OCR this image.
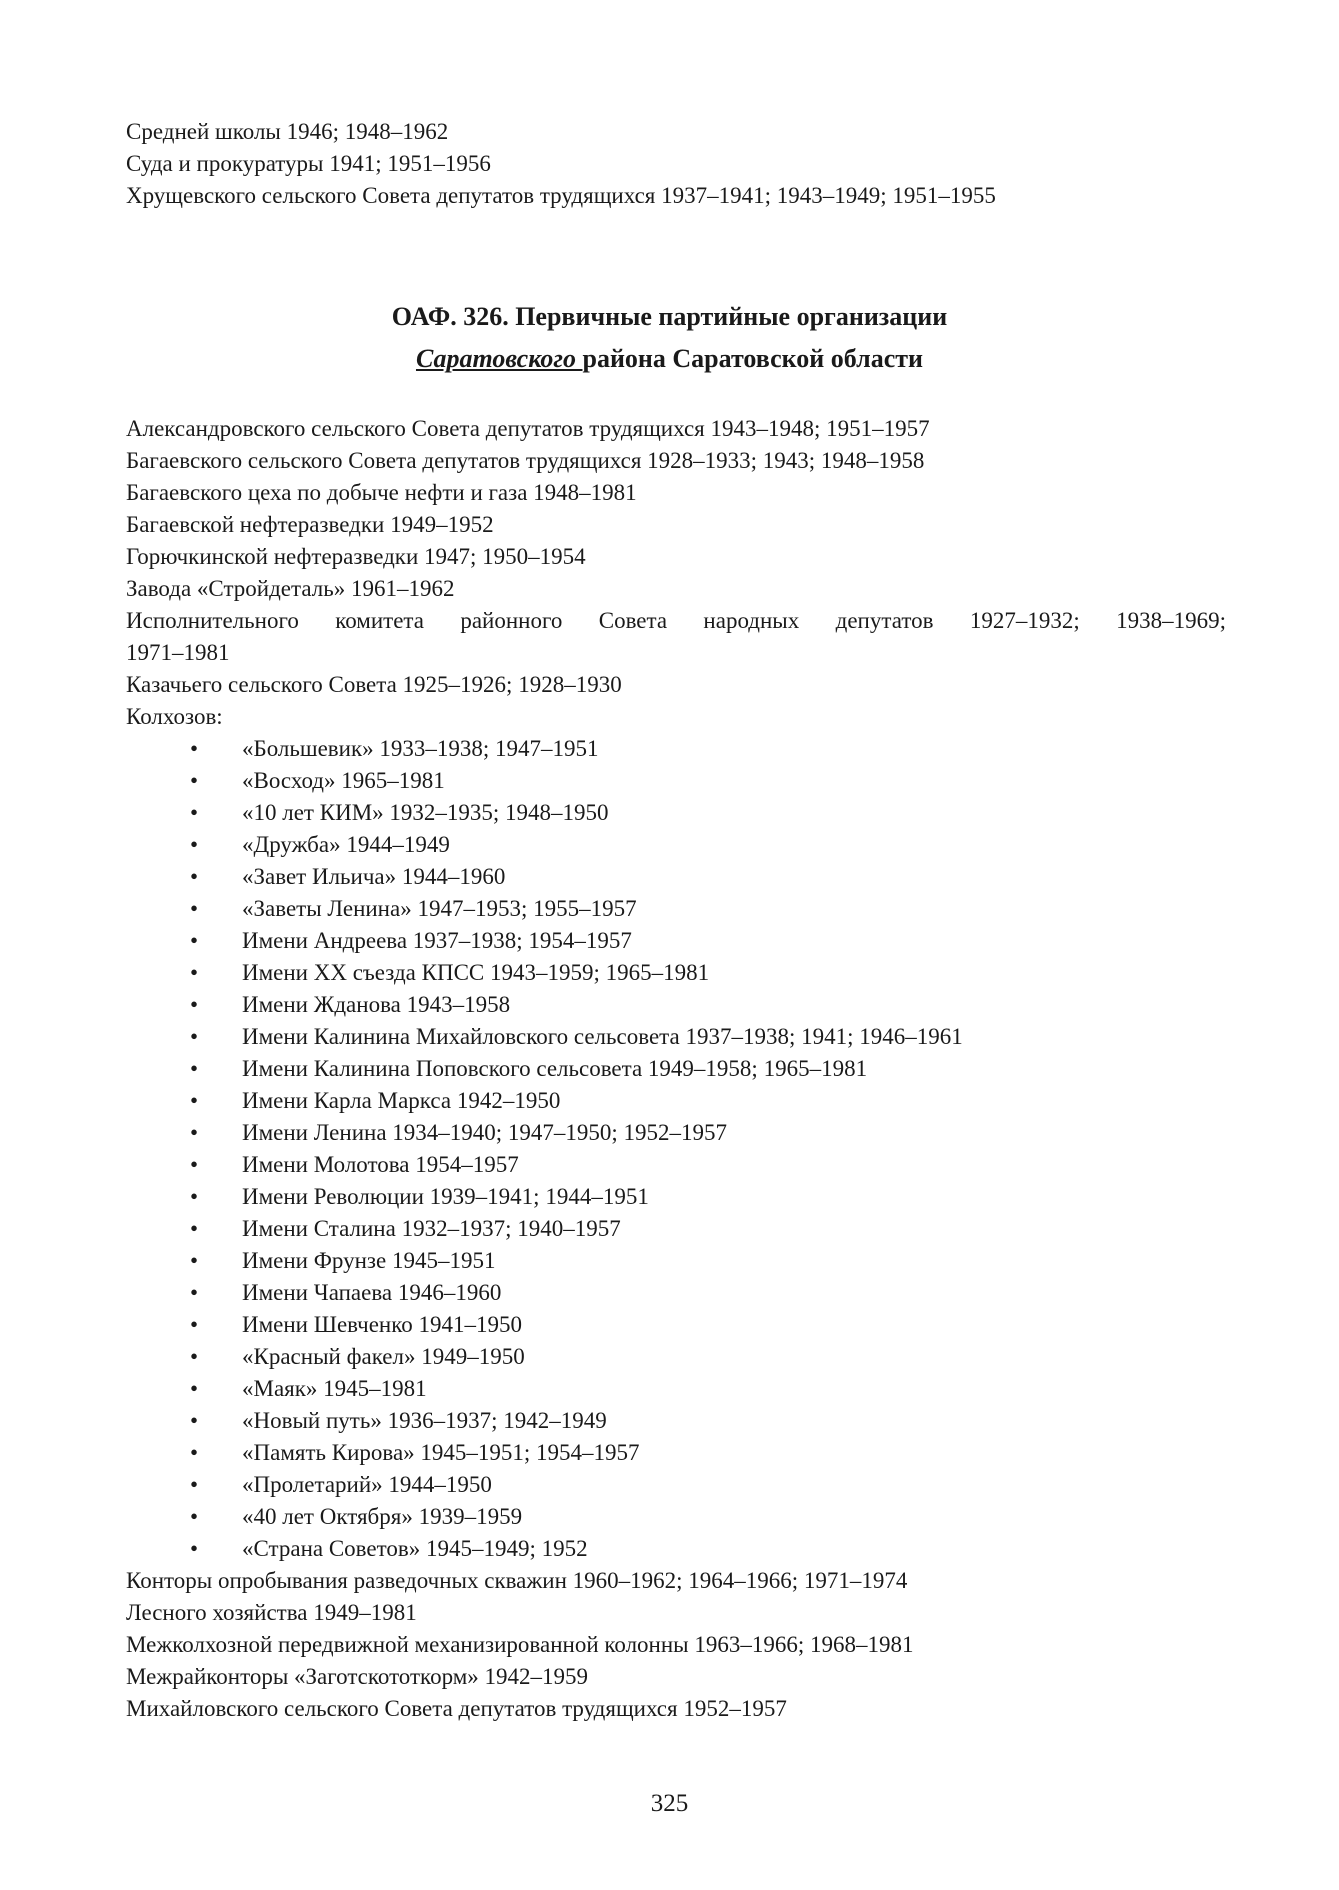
Средней школы 1946; 1948–1962
Суда и прокуратуры 1941; 1951–1956
Хрущевского сельского Совета депутатов трудящихся 1937–1941; 1943–1949; 1951–1955
ОАФ. 326. Первичные партийные организации
Саратовского района Саратовской области
Александровского сельского Совета депутатов трудящихся 1943–1948; 1951–1957
Багаевского сельского Совета депутатов трудящихся 1928–1933; 1943; 1948–1958
Багаевского цеха по добыче нефти и газа 1948–1981
Багаевской нефтеразведки 1949–1952
Горючкинской нефтеразведки 1947; 1950–1954
Завода «Стройдеталь» 1961–1962
Исполнительного комитета районного Совета народных депутатов 1927–1932; 1938–1969;
1971–1981
Казачьего сельского Совета 1925–1926; 1928–1930
Колхозов:
• «Большевик» 1933–1938; 1947–1951
• «Восход» 1965–1981
• «10 лет КИМ» 1932–1935; 1948–1950
• «Дружба» 1944–1949
• «Завет Ильича» 1944–1960
• «Заветы Ленина» 1947–1953; 1955–1957
• Имени Андреева 1937–1938; 1954–1957
• Имени XX съезда КПСС 1943–1959; 1965–1981
• Имени Жданова 1943–1958
• Имени Калинина Михайловского сельсовета 1937–1938; 1941; 1946–1961
• Имени Калинина Поповского сельсовета 1949–1958; 1965–1981
• Имени Карла Маркса 1942–1950
• Имени Ленина 1934–1940; 1947–1950; 1952–1957
• Имени Молотова 1954–1957
• Имени Революции 1939–1941; 1944–1951
• Имени Сталина 1932–1937; 1940–1957
• Имени Фрунзе 1945–1951
• Имени Чапаева 1946–1960
• Имени Шевченко 1941–1950
• «Красный факел» 1949–1950
• «Маяк» 1945–1981
• «Новый путь» 1936–1937; 1942–1949
• «Память Кирова» 1945–1951; 1954–1957
• «Пролетарий» 1944–1950
• «40 лет Октября» 1939–1959
• «Страна Советов» 1945–1949; 1952
Конторы опробывания разведочных скважин 1960–1962; 1964–1966; 1971–1974
Лесного хозяйства 1949–1981
Межколхозной передвижной механизированной колонны 1963–1966; 1968–1981
Межрайконторы «Заготскототкорм» 1942–1959
Михайловского сельского Совета депутатов трудящихся 1952–1957
325
